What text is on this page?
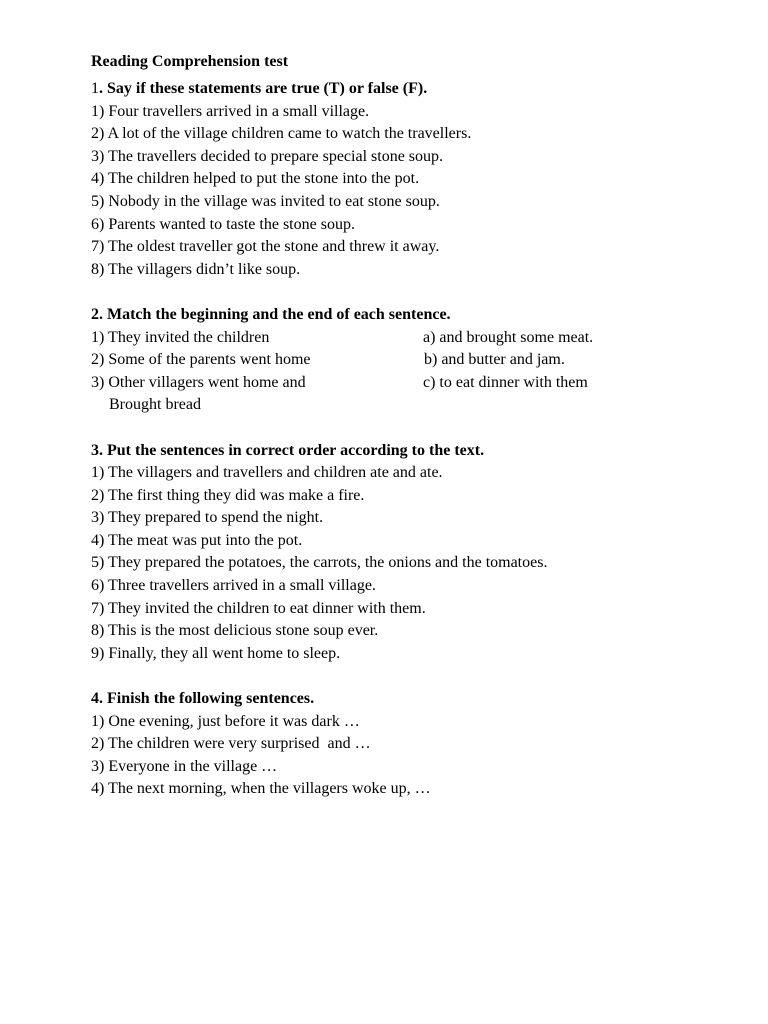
Reading Comprehension test
1. Say if these statements are true (T) or false (F).
1) Four travellers arrived in a small village.
2) A lot of the village children came to watch the travellers.
3) The travellers decided to prepare special stone soup.
4) The children helped to put the stone into the pot.
5) Nobody in the village was invited to eat stone soup.
6) Parents wanted to taste the stone soup.
7) The oldest traveller got the stone and threw it away.
8) The villagers didn’t like soup.
2. Match the beginning and the end of each sentence.
1) They invited the children	a) and brought some meat.
2) Some of the parents went home	b) and butter and jam.
3) Other villagers went home and	c) to eat dinner with them
Brought bread
3. Put the sentences in correct order according to the text.
1) The villagers and travellers and children ate and ate.
2) The first thing they did was make a fire.
3) They prepared to spend the night.
4) The meat was put into the pot.
5) They prepared the potatoes, the carrots, the onions and the tomatoes.
6) Three travellers arrived in a small village.
7) They invited the children to eat dinner with them.
8) This is the most delicious stone soup ever.
9) Finally, they all went home to sleep.
4. Finish the following sentences.
1) One evening, just before it was dark …
2) The children were very surprised  and …
3) Everyone in the village …
4) The next morning, when the villagers woke up, …
